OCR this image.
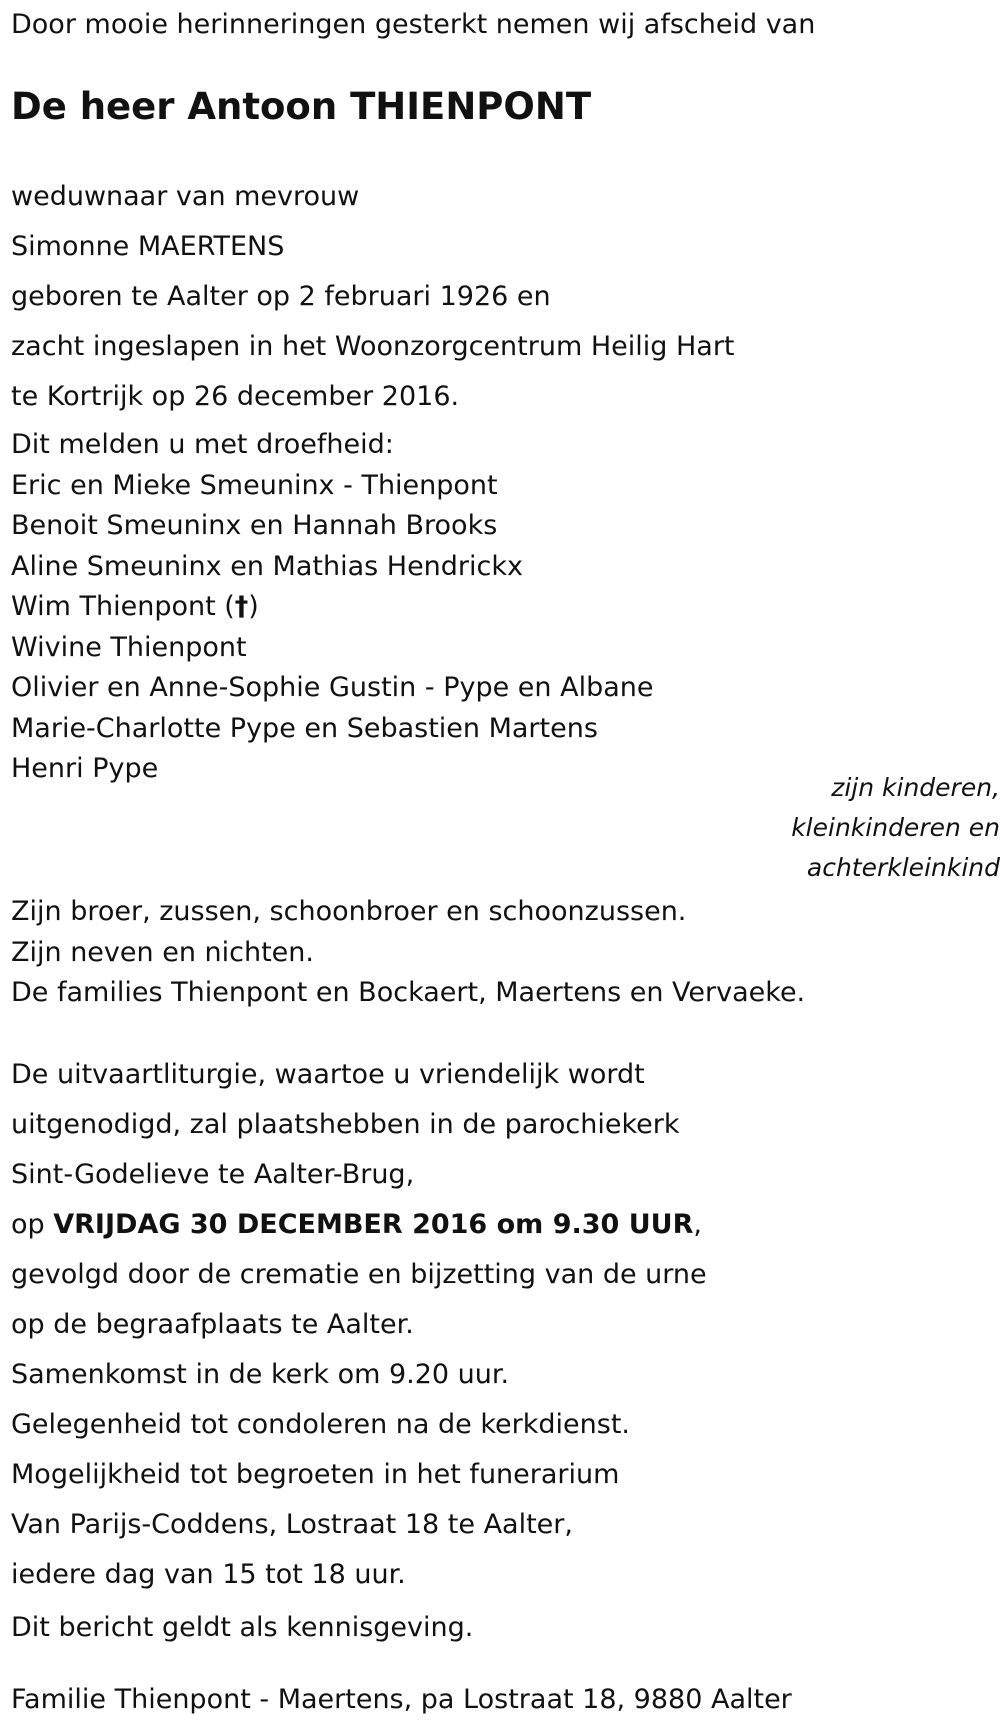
Door mooie herinneringen gesterkt nemen wij afscheid van
De heer Antoon THIENPONT
weduwnaar van mevrouw
Simonne MAERTENS
geboren te Aalter op 2 februari 1926 en
zacht ingeslapen in het Woonzorgcentrum Heilig Hart
te Kortrijk op 26 december 2016.
Dit melden u met droefheid:
Eric en Mieke Smeuninx - Thienpont
Benoit Smeuninx en Hannah Brooks
Aline Smeuninx en Mathias Hendrickx
Wim Thienpont (†)
Wivine Thienpont
Olivier en Anne-Sophie Gustin - Pype en Albane
Marie-Charlotte Pype en Sebastien Martens
Henri Pype
zijn kinderen,
kleinkinderen en
achterkleinkind
Zijn broer, zussen, schoonbroer en schoonzussen.
Zijn neven en nichten.
De families Thienpont en Bockaert, Maertens en Vervaeke.
De uitvaartliturgie, waartoe u vriendelijk wordt
uitgenodigd, zal plaatshebben in de parochiekerk
Sint-Godelieve te Aalter-Brug,
op VRIJDAG 30 DECEMBER 2016 om 9.30 UUR,
gevolgd door de crematie en bijzetting van de urne
op de begraafplaats te Aalter.
Samenkomst in de kerk om 9.20 uur.
Gelegenheid tot condoleren na de kerkdienst.
Mogelijkheid tot begroeten in het funerarium
Van Parijs-Coddens, Lostraat 18 te Aalter,
iedere dag van 15 tot 18 uur.
Dit bericht geldt als kennisgeving.
Familie Thienpont - Maertens, pa Lostraat 18, 9880 Aalter
